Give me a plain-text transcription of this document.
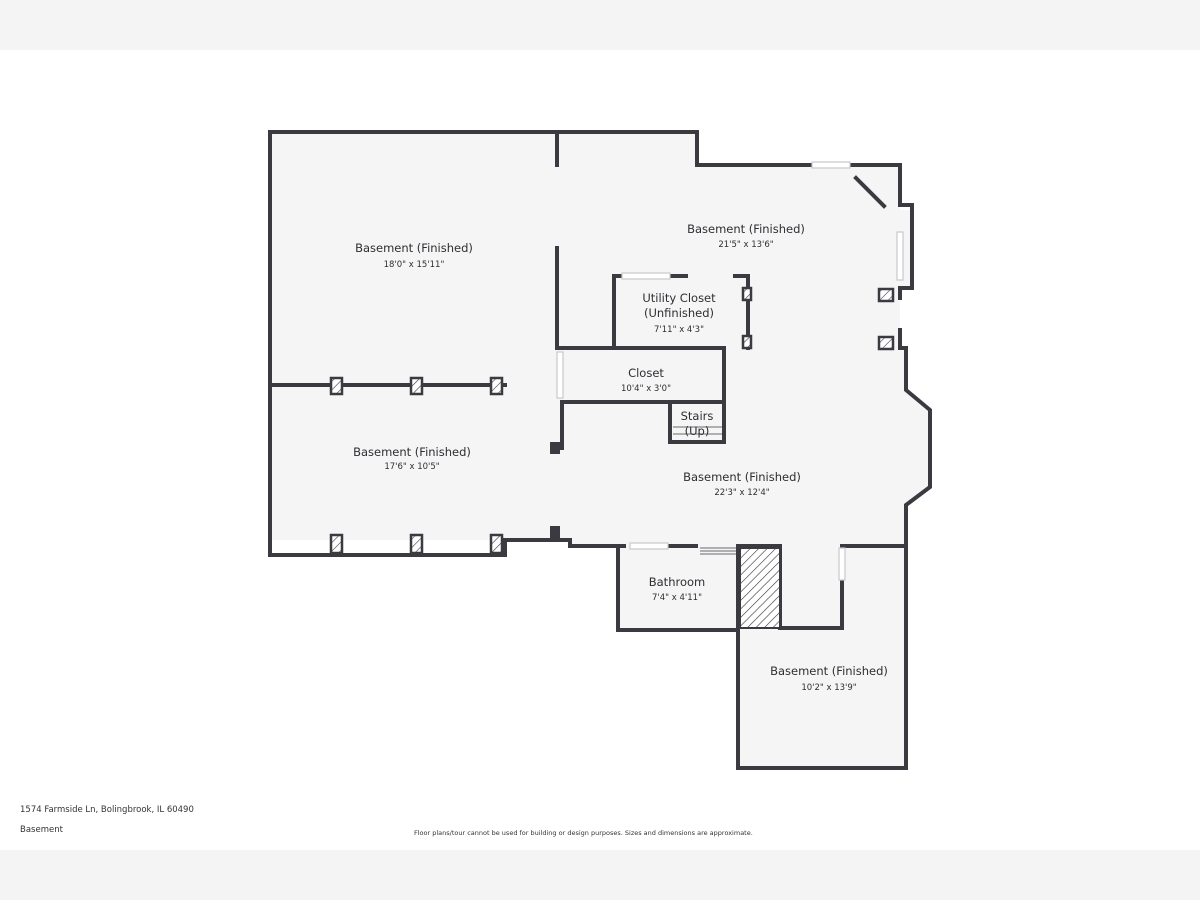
Basement (Finished)
18'0" x 15'11"
Basement (Finished)
21'5" x 13'6"
Utility Closet
(Unfinished)
7'11" x 4'3"
Closet
10'4" x 3'0"
Stairs
(Up)
Basement (Finished)
17'6" x 10'5"
Basement (Finished)
22'3" x 12'4"
Bathroom
7'4" x 4'11"
Basement (Finished)
10'2" x 13'9"
1574 Farmside Ln, Bolingbrook, IL 60490
Basement	Floor plans/tour cannot be used for building or design purposes. Sizes and dimensions are approximate.
